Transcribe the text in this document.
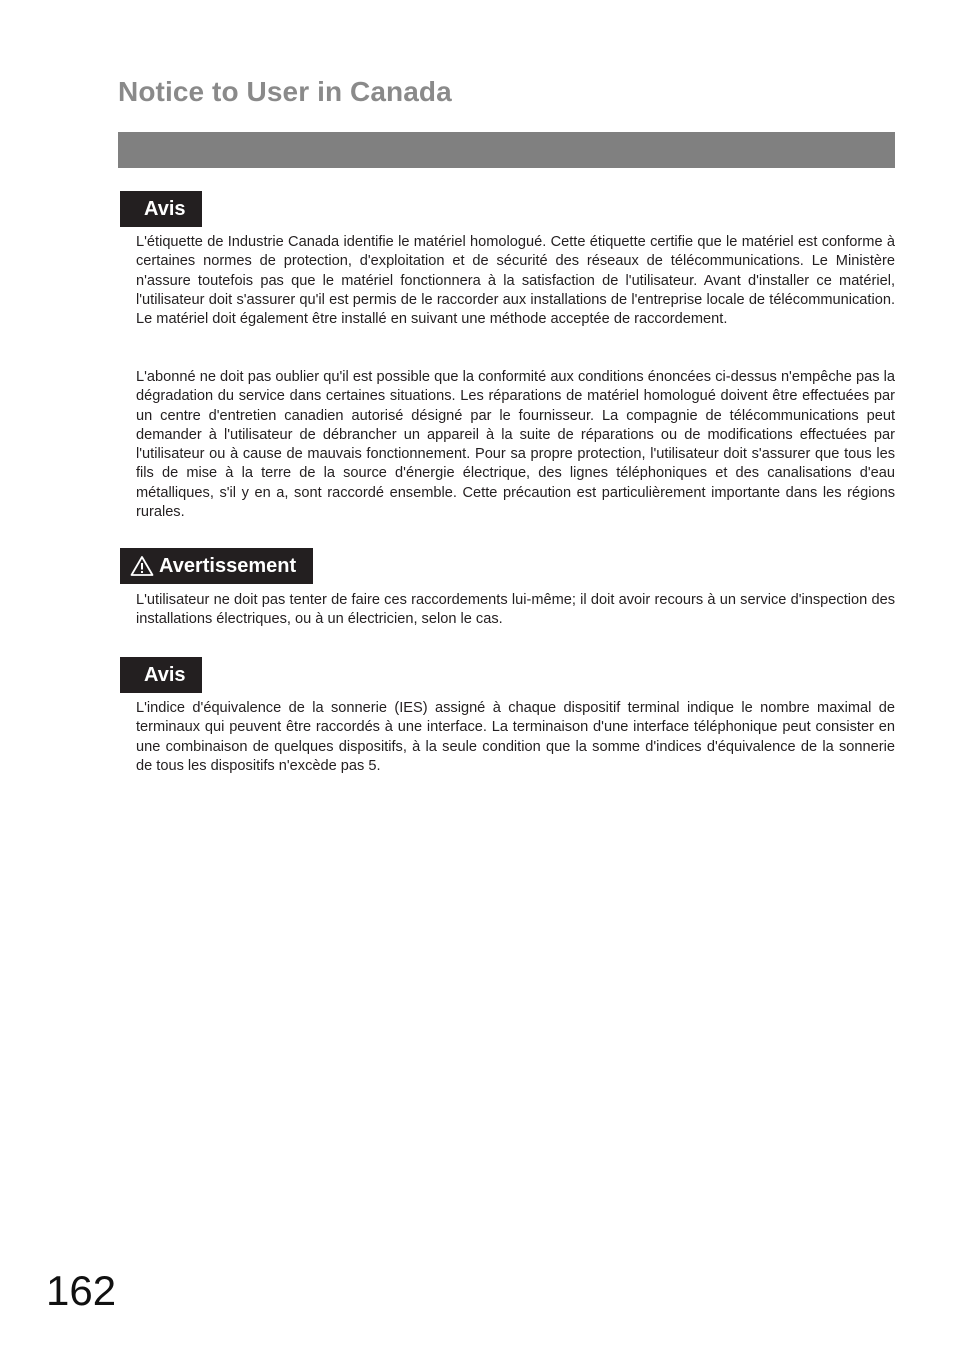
Notice to User in Canada
Avis

L'étiquette de Industrie Canada identifie le matériel homologué. Cette étiquette certifie que le matériel est conforme à certaines normes de protection, d'exploitation et de sécurité des réseaux de télécommunications. Le Ministère n'assure toutefois pas que le matériel fonctionnera à la satisfaction de l'utilisateur. Avant d'installer ce matériel, l'utilisateur doit s'assurer qu'il est permis de le raccorder aux installations de l'entreprise locale de télécommunication. Le matériel doit également être installé en suivant une méthode acceptée de raccordement.

L'abonné ne doit pas oublier qu'il est possible que la conformité aux conditions énoncées ci-dessus n'empêche pas la dégradation du service dans certaines situations. Les réparations de matériel homologué doivent être effectuées par un centre d'entretien canadien autorisé désigné par le fournisseur. La compagnie de télécommunications peut demander à l'utilisateur de débrancher un appareil à la suite de réparations ou de modifications effectuées par l'utilisateur ou à cause de mauvais fonctionnement. Pour sa propre protection, l'utilisateur doit s'assurer que tous les fils de mise à la terre de la source d'énergie électrique, des lignes téléphoniques et des canalisations d'eau métalliques, s'il y en a, sont raccordé ensemble. Cette précaution est particulièrement importante dans les régions rurales.

Avertissement

L'utilisateur ne doit pas tenter de faire ces raccordements lui-même; il doit avoir recours à un service d'inspection des installations électriques, ou à un électricien, selon le cas.

Avis

L'indice d'équivalence de la sonnerie (IES) assigné à chaque dispositif terminal indique le nombre maximal de terminaux qui peuvent être raccordés à une interface. La terminaison d'une interface téléphonique peut consister en une combinaison de quelques dispositifs, à la seule condition que la somme d'indices d'équivalence de la sonnerie de tous les dispositifs n'excède pas 5.

162
